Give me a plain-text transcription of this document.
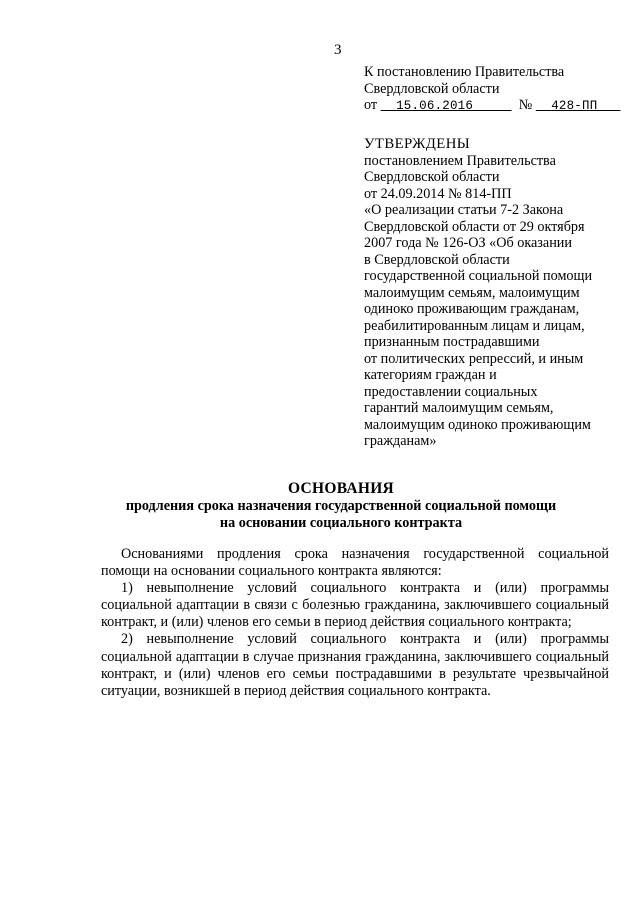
3
К постановлению Правительства
Свердловской области
от 15.06.2016	№ 428-ПП
УТВЕРЖДЕНЫ
постановлением Правительства
Свердловской области
от 24.09.2014 № 814-ПП
«О реализации статьи 7-2 Закона
Свердловской области от 29 октября
2007 года № 126-ОЗ «Об оказании
в Свердловской области
государственной социальной помощи
малоимущим семьям, малоимущим
одиноко проживающим гражданам,
реабилитированным лицам и лицам,
признанным пострадавшими
от политических репрессий, и иным
категориям граждан и
предоставлении социальных
гарантий малоимущим семьям,
малоимущим одиноко проживающим
гражданам»
ОСНОВАНИЯ
продления срока назначения государственной социальной помощи
на основании социального контракта
Основаниями продления срока назначения государственной социальной помощи на основании социального контракта являются:
1) невыполнение условий социального контракта и (или) программы социальной адаптации в связи с болезнью гражданина, заключившего социальный контракт, и (или) членов его семьи в период действия социального контракта;
2) невыполнение условий социального контракта и (или) программы социальной адаптации в случае признания гражданина, заключившего социальный контракт, и (или) членов его семьи пострадавшими в результате чрезвычайной ситуации, возникшей в период действия социального контракта.
